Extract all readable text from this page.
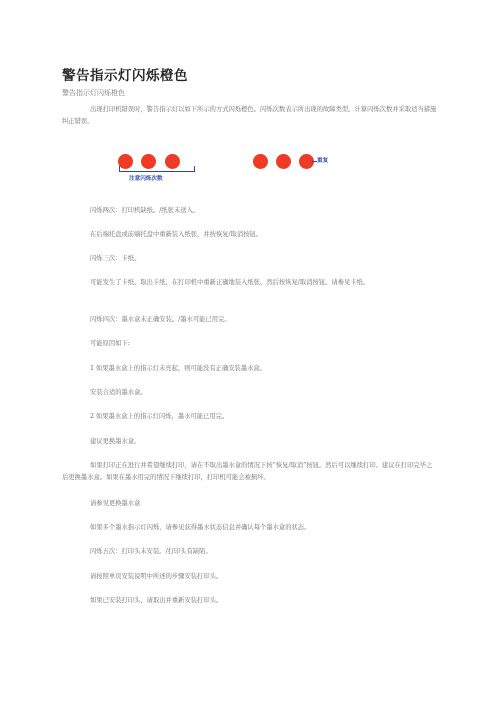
警告指示灯闪烁橙色
警告指示灯闪烁橙色
出现打印机错误时，警告指示灯以如下所示的方式闪烁橙色。闪烁次数表示所出现的故障类型。计算闪烁次数并采取适当措施纠正错误。
注意闪烁次数
重复
闪烁两次：打印机缺纸。/纸张未送入。
在后端托盘或前端托盘中重新装入纸张，并按恢复/取消按钮。
闪烁三次：卡纸。
可能发生了卡纸。取出卡纸，在打印机中重新正确地装入纸张，然后按恢复/取消按钮。请参见卡纸。
闪烁四次：墨水盒未正确安装。/墨水可能已用完。
可能原因如下:
1 如果墨水盒上的指示灯未亮起，则可能没有正确安装墨水盒。
安装合适的墨水盒。
2 如果墨水盒上的指示灯闪烁，墨水可能已用完。
建议更换墨水盒。
如果打印正在进行并希望继续打印，请在不取出墨水盒的情况下按“恢复/取消”按钮。然后可以继续打印。建议在打印完毕之后更换墨水盒。如果在墨水用完的情况下继续打印，打印机可能会被损坏。
请参见更换墨水盒
如果多个墨水指示灯闪烁，请参见获得墨水状态信息并确认每个墨水盒的状态。
闪烁五次：打印头未安装。/打印头有缺陷。
请按照单页安装说明中所述的步骤安装打印头。
如果已安装打印头，请取出并重新安装打印头。
